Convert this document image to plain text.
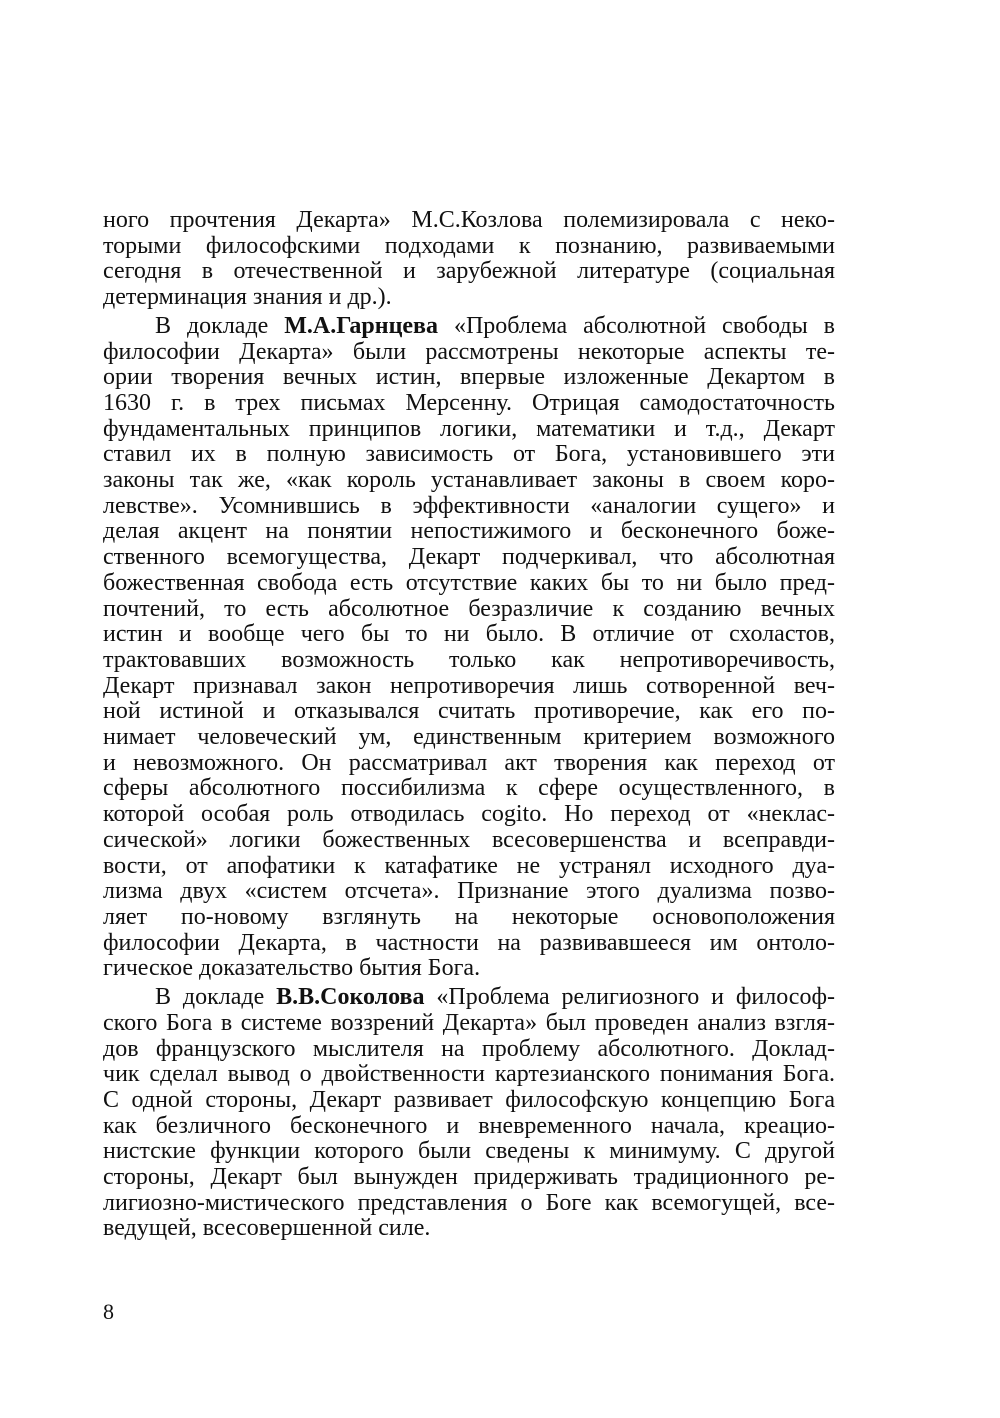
ного прочтения Декарта» М.С.Козлова полемизировала с неко-
торыми философскими подходами к познанию, развиваемыми
сегодня в отечественной и зарубежной литературе (социальная
детерминация знания и др.).
В докладе М.А.Гарнцева «Проблема абсолютной свободы в
философии Декарта» были рассмотрены некоторые аспекты те-
ории творения вечных истин, впервые изложенные Декартом в
1630 г. в трех письмах Мерсенну. Отрицая самодостаточность
фундаментальных принципов логики, математики и т.д., Декарт
ставил их в полную зависимость от Бога, установившего эти
законы так же, «как король устанавливает законы в своем коро-
левстве». Усомнившись в эффективности «аналогии сущего» и
делая акцент на понятии непостижимого и бесконечного боже-
ственного всемогущества, Декарт подчеркивал, что абсолютная
божественная свобода есть отсутствие каких бы то ни было пред-
почтений, то есть абсолютное безразличие к созданию вечных
истин и вообще чего бы то ни было. В отличие от схоластов,
трактовавших возможность только как непротиворечивость,
Декарт признавал закон непротиворечия лишь сотворенной веч-
ной истиной и отказывался считать противоречие, как его по-
нимает человеческий ум, единственным критерием возможного
и невозможного. Он рассматривал акт творения как переход от
сферы абсолютного поссибилизма к сфере осуществленного, в
которой особая роль отводилась cogito. Но переход от «неклас-
сической» логики божественных всесовершенства и всеправди-
вости, от апофатики к катафатике не устранял исходного дуа-
лизма двух «систем отсчета». Признание этого дуализма позво-
ляет по-новому взглянуть на некоторые основоположения
философии Декарта, в частности на развивавшееся им онтоло-
гическое доказательство бытия Бога.
В докладе В.В.Соколова «Проблема религиозного и философ-
ского Бога в системе воззрений Декарта» был проведен анализ взгля-
дов французского мыслителя на проблему абсолютного. Доклад-
чик сделал вывод о двойственности картезианского понимания Бога.
С одной стороны, Декарт развивает философскую концепцию Бога
как безличного бесконечного и вневременного начала, креацио-
нистские функции которого были сведены к минимуму. С другой
стороны, Декарт был вынужден придерживать традиционного ре-
лигиозно-мистического представления о Боге как всемогущей, все-
ведущей, всесовершенной силе.
8
